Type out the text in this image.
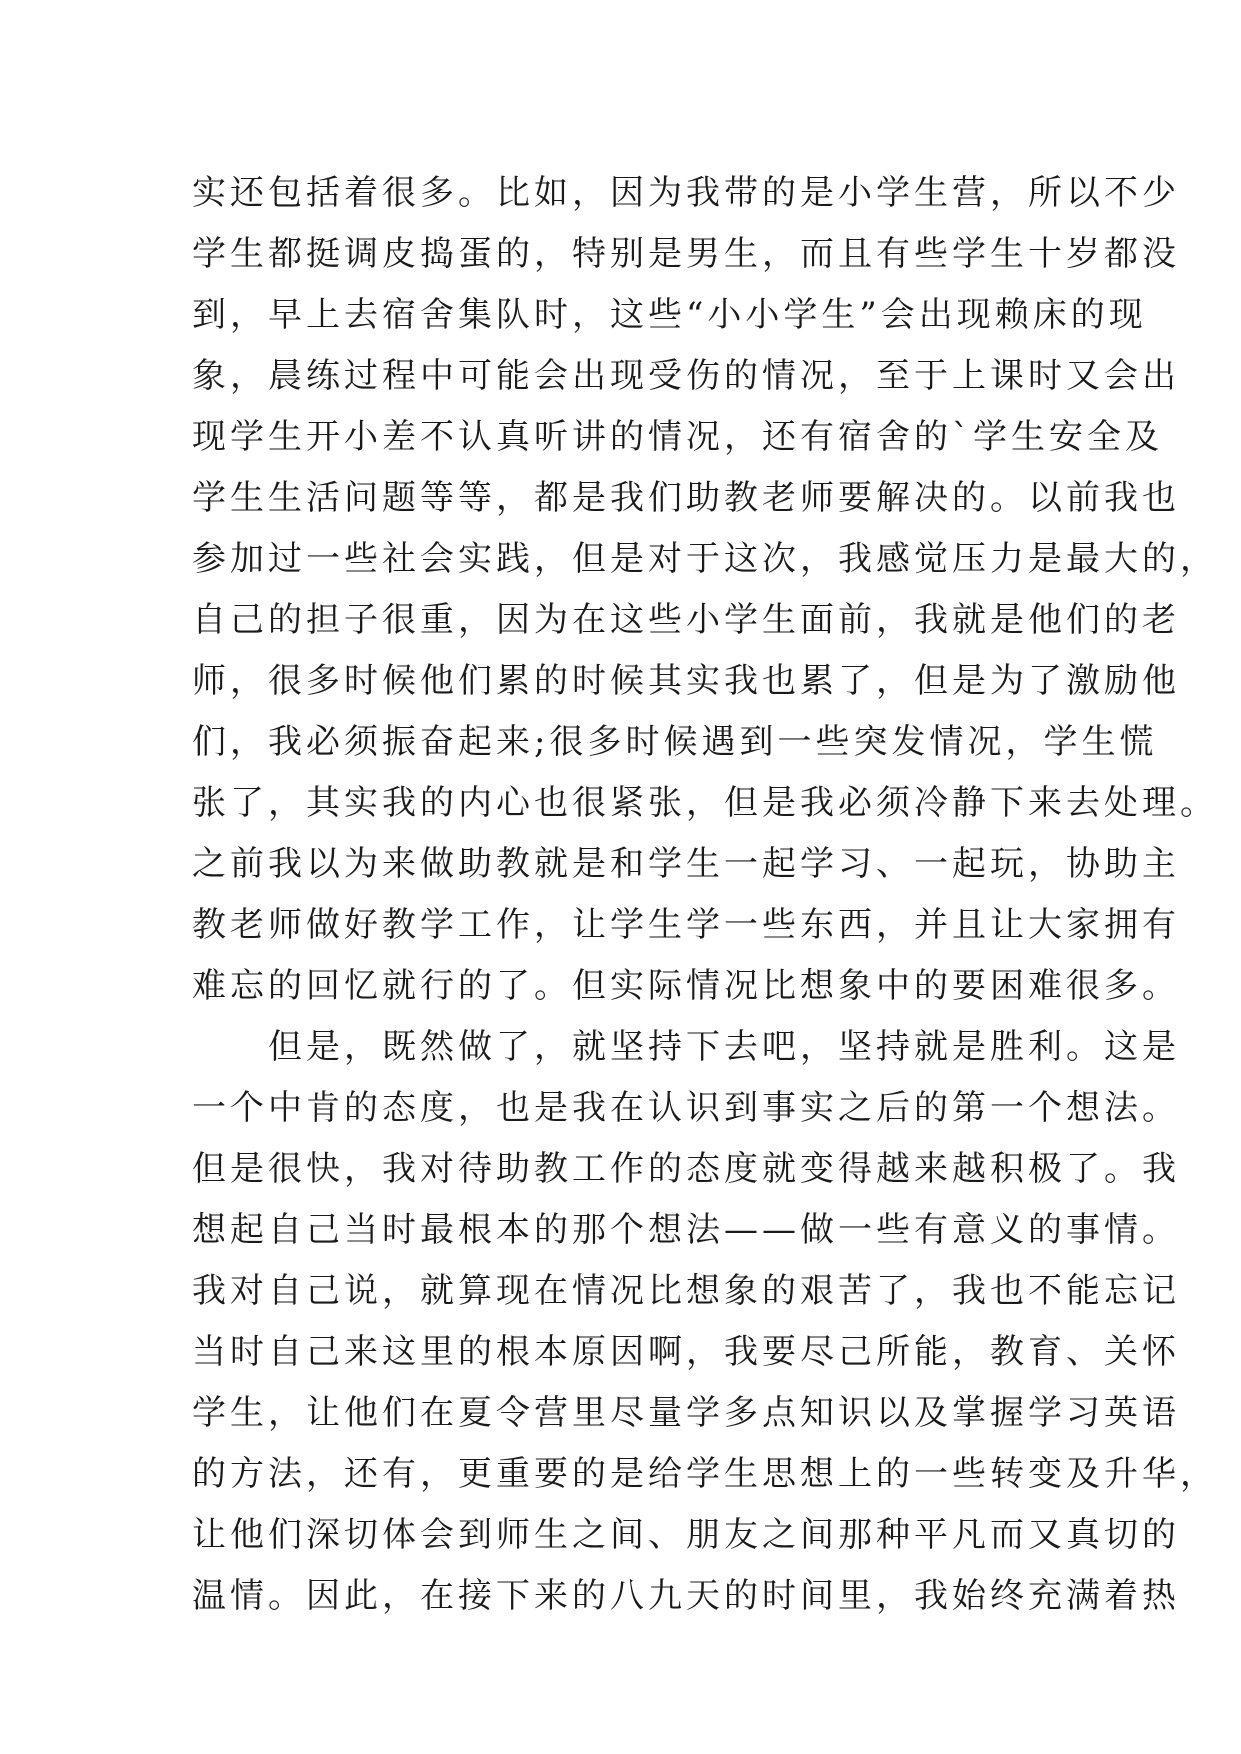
实还包括着很多。比如，因为我带的是小学生营，所以不少
学生都挺调皮捣蛋的，特别是男生，而且有些学生十岁都没
到，早上去宿舍集队时，这些“小小学生”会出现赖床的现
象，晨练过程中可能会出现受伤的情况，至于上课时又会出
现学生开小差不认真听讲的情况，还有宿舍的`学生安全及
学生生活问题等等，都是我们助教老师要解决的。以前我也
参加过一些社会实践，但是对于这次，我感觉压力是最大的，
自己的担子很重，因为在这些小学生面前，我就是他们的老
师，很多时候他们累的时候其实我也累了，但是为了激励他
们，我必须振奋起来;很多时候遇到一些突发情况，学生慌
张了，其实我的内心也很紧张，但是我必须冷静下来去处理。
之前我以为来做助教就是和学生一起学习、一起玩，协助主
教老师做好教学工作，让学生学一些东西，并且让大家拥有
难忘的回忆就行的了。但实际情况比想象中的要困难很多。
　　但是，既然做了，就坚持下去吧，坚持就是胜利。这是
一个中肯的态度，也是我在认识到事实之后的第一个想法。
但是很快，我对待助教工作的态度就变得越来越积极了。我
想起自己当时最根本的那个想法——做一些有意义的事情。
我对自己说，就算现在情况比想象的艰苦了，我也不能忘记
当时自己来这里的根本原因啊，我要尽己所能，教育、关怀
学生，让他们在夏令营里尽量学多点知识以及掌握学习英语
的方法，还有，更重要的是给学生思想上的一些转变及升华，
让他们深切体会到师生之间、朋友之间那种平凡而又真切的
温情。因此，在接下来的八九天的时间里，我始终充满着热
